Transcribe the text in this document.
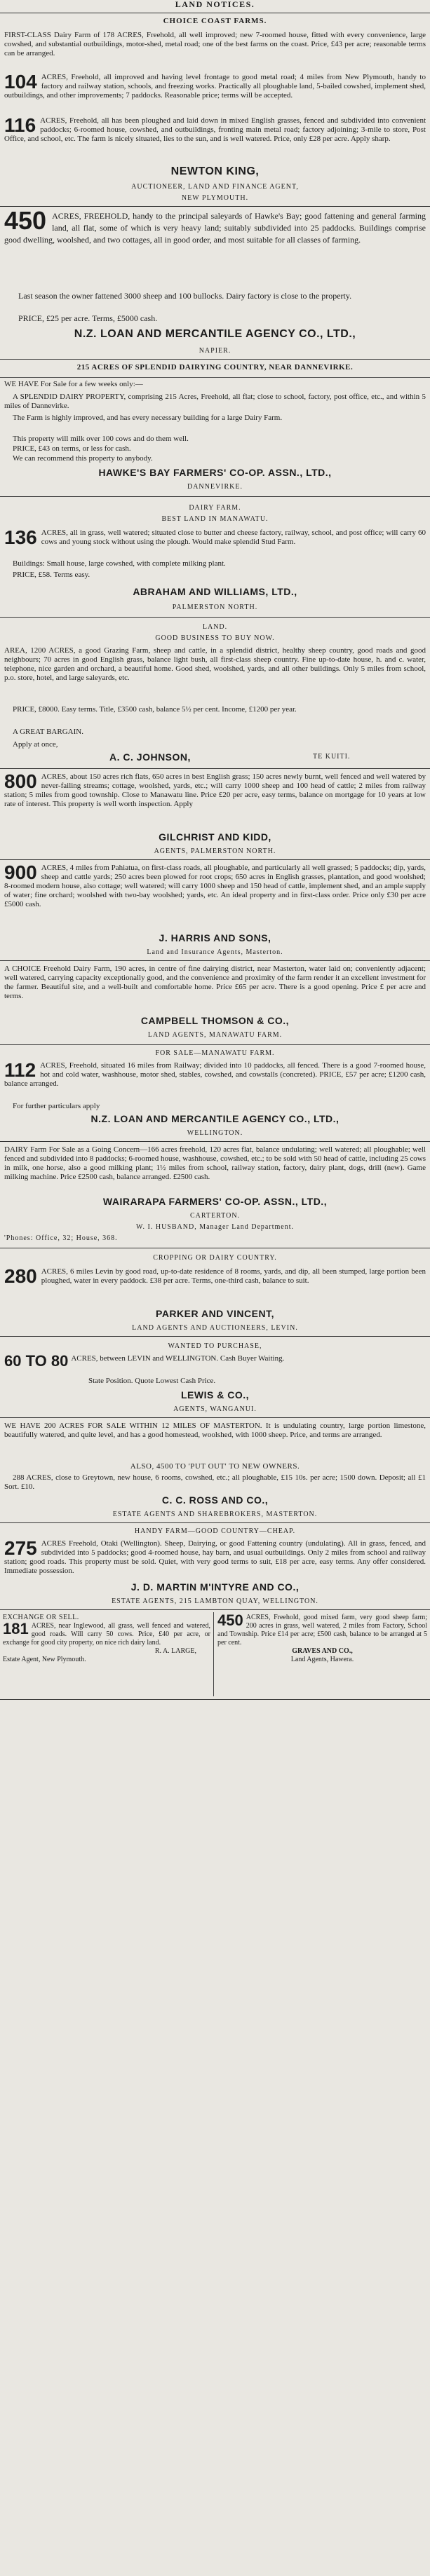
LAND NOTICES.
CHOICE COAST FARMS.

FIRST-CLASS Dairy Farm of 178 ACRES, Freehold, all well improved; new 7-roomed house, fitted with every convenience, large cowshed, and substantial outbuildings, motor-shed, metal road; one of the best farms on the coast. Price, £43 per acre; reasonable terms can be arranged.

104 ACRES, Freehold, all improved and having level frontage to good metal road; 4 miles from New Plymouth, handy to factory and railway station, schools, and freezing works. Practically all ploughable land, 5-bailed cowshed, implement shed, outbuildings, and other improvements; 7 paddocks. Reasonable price; terms will be accepted.

116 ACRES, Freehold, all has been ploughed and laid down in mixed English grasses, fenced and subdivided into convenient paddocks; 6-roomed house, cowshed, and outbuildings, fronting main metal road; factory adjoining; 3-mile to store, Post Office, and school, etc. The farm is nicely situated, lies to the sun, and is well watered. Price, only £28 per acre. Apply sharp.

NEWTON KING,
AUCTIONEER, LAND AND FINANCE AGENT,
NEW PLYMOUTH.
450 ACRES, FREEHOLD, handy to the principal saleyards of Hawke's Bay; good fattening and general farming land, all flat, some of which is very heavy land; suitably subdivided into 25 paddocks. Buildings comprise good dwelling, woolshed, and two cottages, all in good order, and most suitable for all classes of farming.

Last season the owner fattened 3000 sheep and 100 bullocks. Dairy factory is close to the property.

PRICE, £25 per acre. Terms, £5000 cash.

N.Z. LOAN AND MERCANTILE AGENCY CO., LTD.,
NAPIER.
215 ACRES OF SPLENDID DAIRYING COUNTRY, NEAR DANNEVIRKE.

WE HAVE For Sale for a few weeks only:—

A SPLENDID DAIRY PROPERTY, comprising 215 Acres, Freehold, all flat; close to school, factory, post office, etc., and within 5 miles of Dannevirke.

The Farm is highly improved, and has every necessary building for a large Dairy Farm.

This property will milk over 100 cows and do them well.

PRICE, £43 on terms, or less for cash.

We can recommend this property to anybody.

HAWKE'S BAY FARMERS' CO-OP. ASSN., LTD.,
DANNEVIRKE.
DAIRY FARM.
BEST LAND IN MANAWATU.
136 ACRES, all in grass, well watered; situated close to butter and cheese factory, railway, school, and post office; will carry 60 cows and young stock without using the plough. Would make splendid Stud Farm.

Buildings: Small house, large cowshed, with complete milking plant.

PRICE, £58. Terms easy.

ABRAHAM AND WILLIAMS, LTD.,
PALMERSTON NORTH.
LAND.
GOOD BUSINESS TO BUY NOW.

AREA, 1200 ACRES, a good Grazing Farm, sheep and cattle, in a splendid district, healthy sheep country, good roads and good neighbours; 70 acres in good English grass, balance light bush, all first-class sheep country. Fine up-to-date house, h. and c. water, telephone, nice garden and orchard, a beautiful home. Good shed, woolshed, yards, and all other buildings. Only 5 miles from school, p.o. store, hotel, and large saleyards, etc.

PRICE, £8000. Easy terms. Title, £3500 cash, balance 5½ per cent. Income, £1200 per year.

A GREAT BARGAIN.

Apply at once,

A. C. JOHNSON,	TE KUITI.
800 ACRES, about 150 acres rich flats, 650 acres in best English grass; 150 acres newly burnt, well fenced and well watered by never-failing streams; cottage, woolshed, yards, etc.; will carry 1000 sheep and 100 head of cattle; 2 miles from railway station; 5 miles from good township. Close to Manawatu line. Price £20 per acre, easy terms, balance on mortgage for 10 years at low rate of interest. This property is well worth inspection. Apply

GILCHRIST AND KIDD,
AGENTS, PALMERSTON NORTH.
900 ACRES, 4 miles from Pahiatua, on first-class roads, all ploughable, and particularly all well grassed; 5 paddocks; dip, yards, sheep and cattle yards; 250 acres been plowed for root crops; 650 acres in English grasses, plantation, and good woolshed; 8-roomed modern house, also cottage; well watered; will carry 1000 sheep and 150 head of cattle, implement shed, and an ample supply of water; fine orchard; woolshed with two-bay woolshed; yards, etc. An ideal property and in first-class order. Price only £30 per acre £5000 cash.

J. HARRIS AND SONS,
Land and Insurance Agents, Masterton.

A CHOICE Freehold Dairy Farm, 190 acres, in centre of fine dairying district, near Masterton, water laid on; conveniently adjacent; well watered, carrying capacity exceptionally good, and the convenience and proximity of the farm render it an excellent investment for the farmer. Beautiful site, and a well-built and comfortable home. Price £65 per acre. There is a good opening. Price £ per acre and terms.

CAMPBELL THOMSON & CO.,
LAND AGENTS, MANAWATU FARM.
FOR SALE—MANAWATU FARM.
112 ACRES, Freehold, situated 16 miles from Railway; divided into 10 paddocks, all fenced. There is a good 7-roomed house, hot and cold water, washhouse, motor shed, stables, cowshed, and cowstalls (concreted). PRICE, £57 per acre; £1200 cash, balance arranged.

For further particulars apply

N.Z. LOAN AND MERCANTILE AGENCY CO., LTD.,
WELLINGTON.

DAIRY Farm For Sale as a Going Concern—166 acres freehold, 120 acres flat, balance undulating; well watered; all ploughable; well fenced and subdivided into 8 paddocks; 6-roomed house, washhouse, cowshed, etc.; to be sold with 50 head of cattle, including 25 cows in milk, one horse, also a good milking plant; 1½ miles from school, railway station, factory, dairy plant, dogs, drill (new). Game milking machine. Price £2500 cash, balance arranged. £2500 cash.

WAIRARAPA FARMERS' CO-OP. ASSN., LTD.,
CARTERTON.
W. I. HUSBAND, Manager Land Department.
'Phones: Office, 32; House, 368.
CROPPING OR DAIRY COUNTRY.
280 ACRES, 6 miles Levin by good road, up-to-date residence of 8 rooms, yards, and dip, all been stumped, large portion been ploughed, water in every paddock. £38 per acre. Terms, one-third cash, balance to suit.

PARKER AND VINCENT,
LAND AGENTS AND AUCTIONEERS, LEVIN.
WANTED TO PURCHASE,
60 TO 80 ACRES, between LEVIN and WELLINGTON. Cash Buyer Waiting.

State Position. Quote Lowest Cash Price.

LEWIS & CO.,
AGENTS, WANGANUI.

WE HAVE 200 ACRES FOR SALE WITHIN 12 MILES OF MASTERTON. It is undulating country, large portion limestone, beautifully watered, and quite level, and has a good homestead, woolshed, with 1000 sheep. Price, and terms are arranged.

ALSO, 4500 TO 'PUT OUT' TO NEW OWNERS.

288 ACRES, close to Greytown, new house, 6 rooms, cowshed, etc.; all ploughable, £15 10s. per acre; 1500 down. Deposit; all £1 Sort. £10.

C. C. ROSS AND CO.,
ESTATE AGENTS AND SHAREBROKERS, MASTERTON.
HANDY FARM—GOOD COUNTRY—CHEAP.
275 ACRES Freehold, Otaki (Wellington). Sheep, Dairying, or good Fattening country (undulating). All in grass, fenced, and subdivided into 5 paddocks; good 4-roomed house, hay barn, and usual outbuildings. Only 2 miles from school and railway station; good roads. This property must be sold. Quiet, with very good terms to suit, £18 per acre, easy terms. Any offer considered. Immediate possession.

J. D. MARTIN M'INTYRE AND CO.,
ESTATE AGENTS, 215 LAMBTON QUAY, WELLINGTON.
EXCHANGE OR SELL.
181 ACRES, near Inglewood, all grass, well fenced and watered, good roads. Will carry 50 cows. Price, £40 per acre, or exchange for good city property, on nice rich dairy land.

R. A. LARGE,
Estate Agent, New Plymouth.
450 ACRES, Freehold, good mixed farm, very good sheep farm; 200 acres in grass, well watered, 2 miles from Factory, School and Township. Price £14 per acre; £500 cash, balance to be arranged at 5 per cent.

GRAVES AND CO.,
Land Agents, Hawera.
